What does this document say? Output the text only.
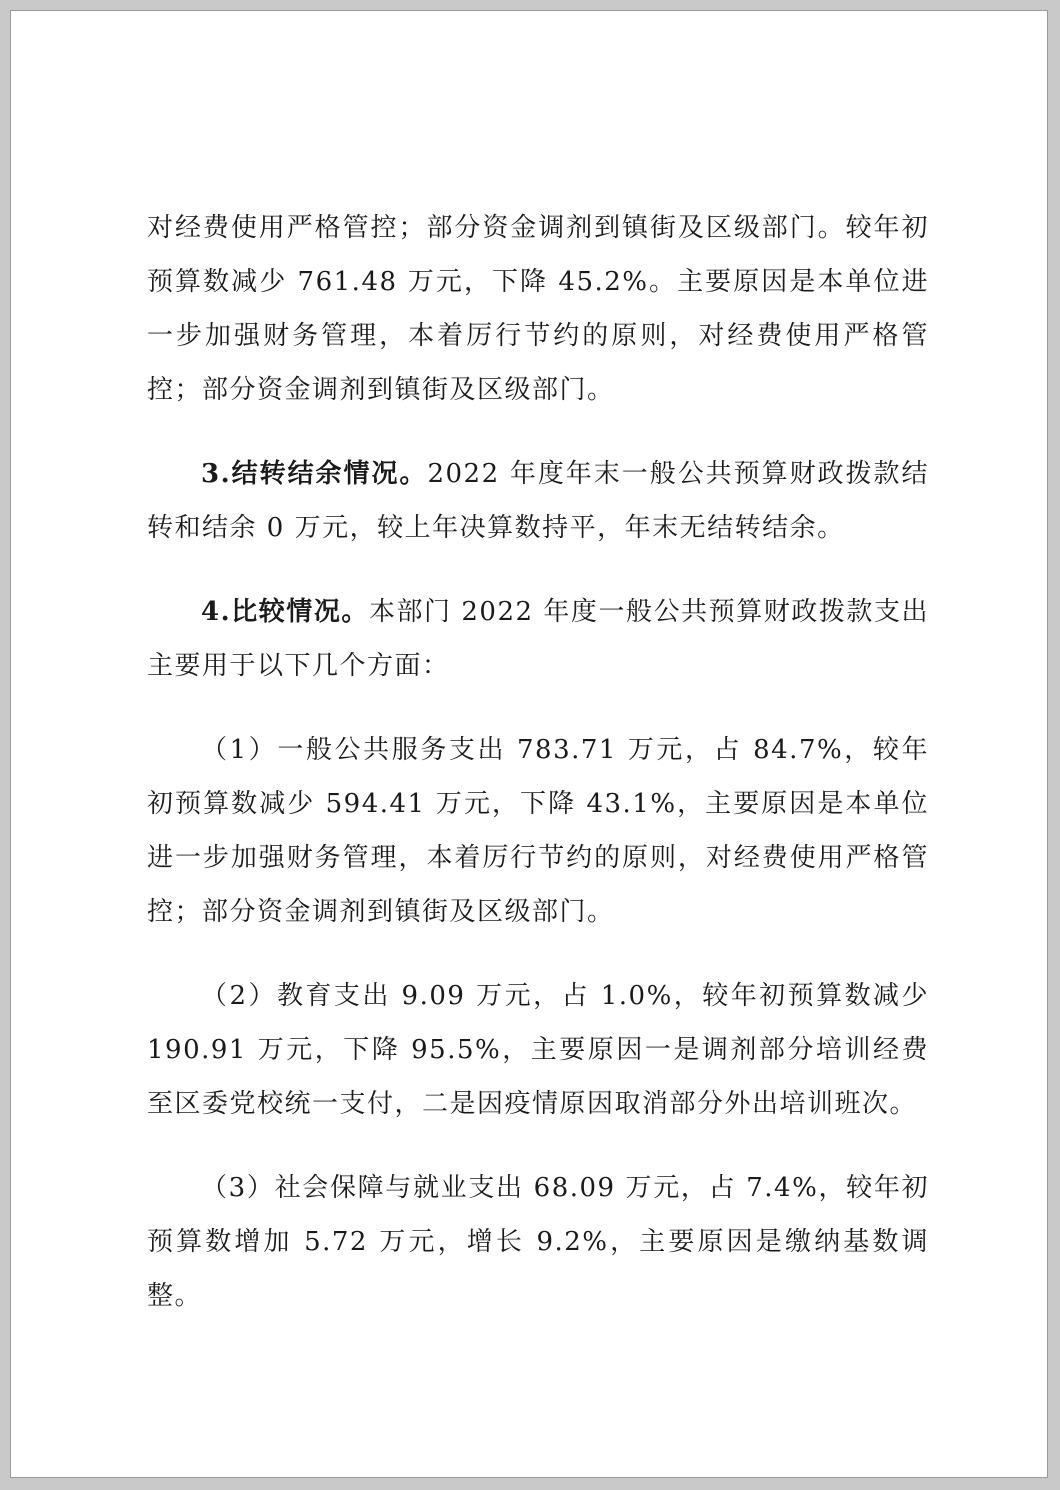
对经费使用严格管控；部分资金调剂到镇街及区级部门。较年初预算数减少 761.48 万元，下降 45.2%。主要原因是本单位进一步加强财务管理，本着厉行节约的原则，对经费使用严格管控；部分资金调剂到镇街及区级部门。

3.结转结余情况。2022 年度年末一般公共预算财政拨款结转和结余 0 万元，较上年决算数持平，年末无结转结余。

4.比较情况。本部门 2022 年度一般公共预算财政拨款支出主要用于以下几个方面：

（1）一般公共服务支出 783.71 万元，占 84.7%，较年初预算数减少 594.41 万元，下降 43.1%，主要原因是本单位进一步加强财务管理，本着厉行节约的原则，对经费使用严格管控；部分资金调剂到镇街及区级部门。

（2）教育支出 9.09 万元，占 1.0%，较年初预算数减少 190.91 万元，下降 95.5%，主要原因一是调剂部分培训经费至区委党校统一支付，二是因疫情原因取消部分外出培训班次。

（3）社会保障与就业支出 68.09 万元，占 7.4%，较年初预算数增加 5.72 万元，增长 9.2%，主要原因是缴纳基数调整。
